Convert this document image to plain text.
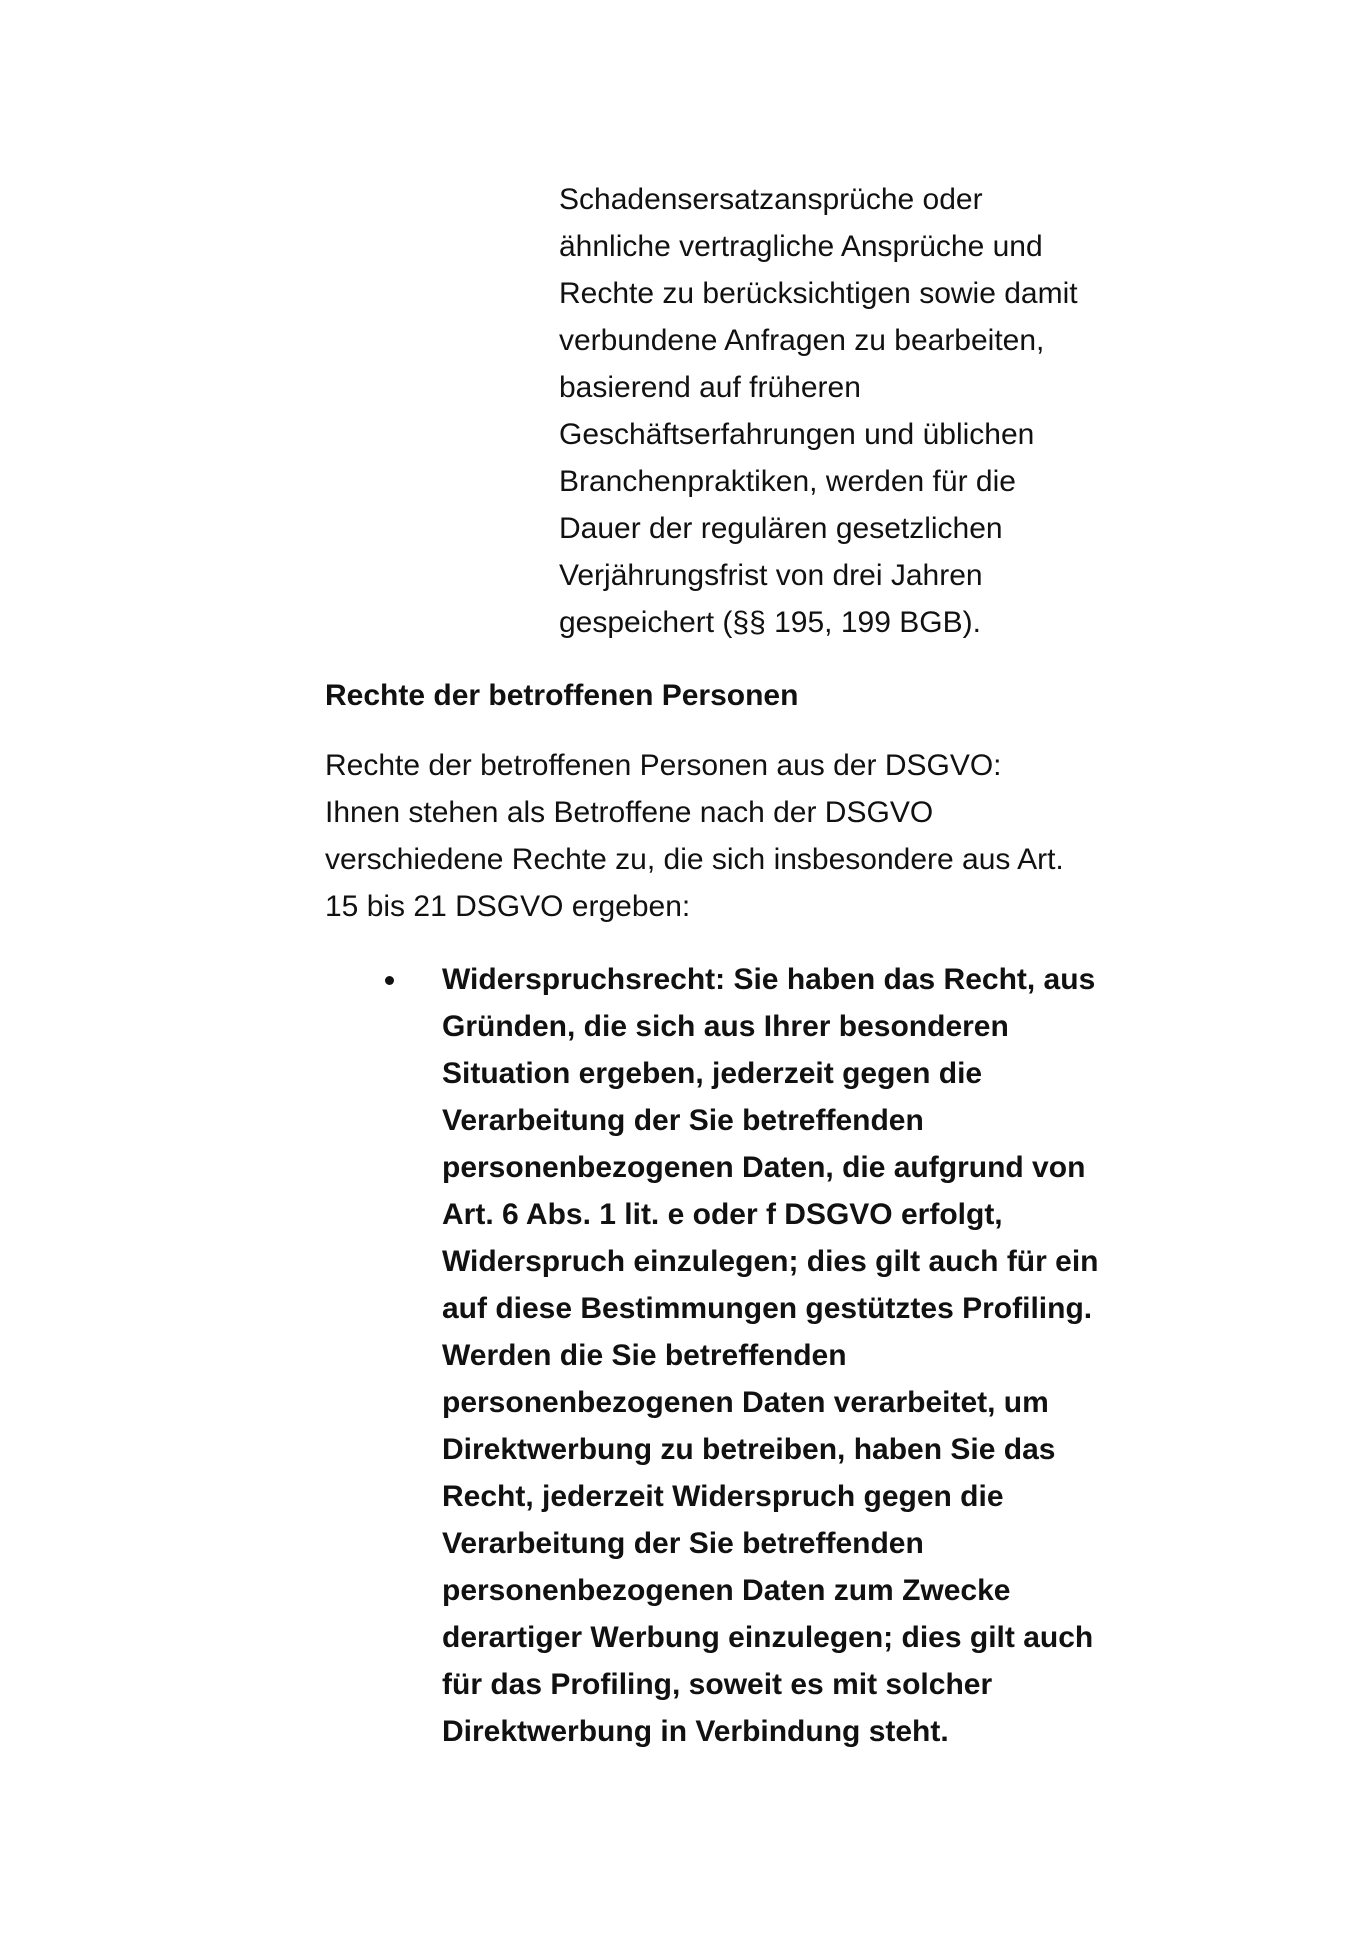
Schadensersatzansprüche oder
ähnliche vertragliche Ansprüche und
Rechte zu berücksichtigen sowie damit
verbundene Anfragen zu bearbeiten,
basierend auf früheren
Geschäftserfahrungen und üblichen
Branchenpraktiken, werden für die
Dauer der regulären gesetzlichen
Verjährungsfrist von drei Jahren
gespeichert (§§ 195, 199 BGB).

Rechte der betroffenen Personen

Rechte der betroffenen Personen aus der DSGVO:
Ihnen stehen als Betroffene nach der DSGVO
verschiedene Rechte zu, die sich insbesondere aus Art.
15 bis 21 DSGVO ergeben:

Widerspruchsrecht: Sie haben das Recht, aus
Gründen, die sich aus Ihrer besonderen
Situation ergeben, jederzeit gegen die
Verarbeitung der Sie betreffenden
personenbezogenen Daten, die aufgrund von
Art. 6 Abs. 1 lit. e oder f DSGVO erfolgt,
Widerspruch einzulegen; dies gilt auch für ein
auf diese Bestimmungen gestütztes Profiling.
Werden die Sie betreffenden
personenbezogenen Daten verarbeitet, um
Direktwerbung zu betreiben, haben Sie das
Recht, jederzeit Widerspruch gegen die
Verarbeitung der Sie betreffenden
personenbezogenen Daten zum Zwecke
derartiger Werbung einzulegen; dies gilt auch
für das Profiling, soweit es mit solcher
Direktwerbung in Verbindung steht.
